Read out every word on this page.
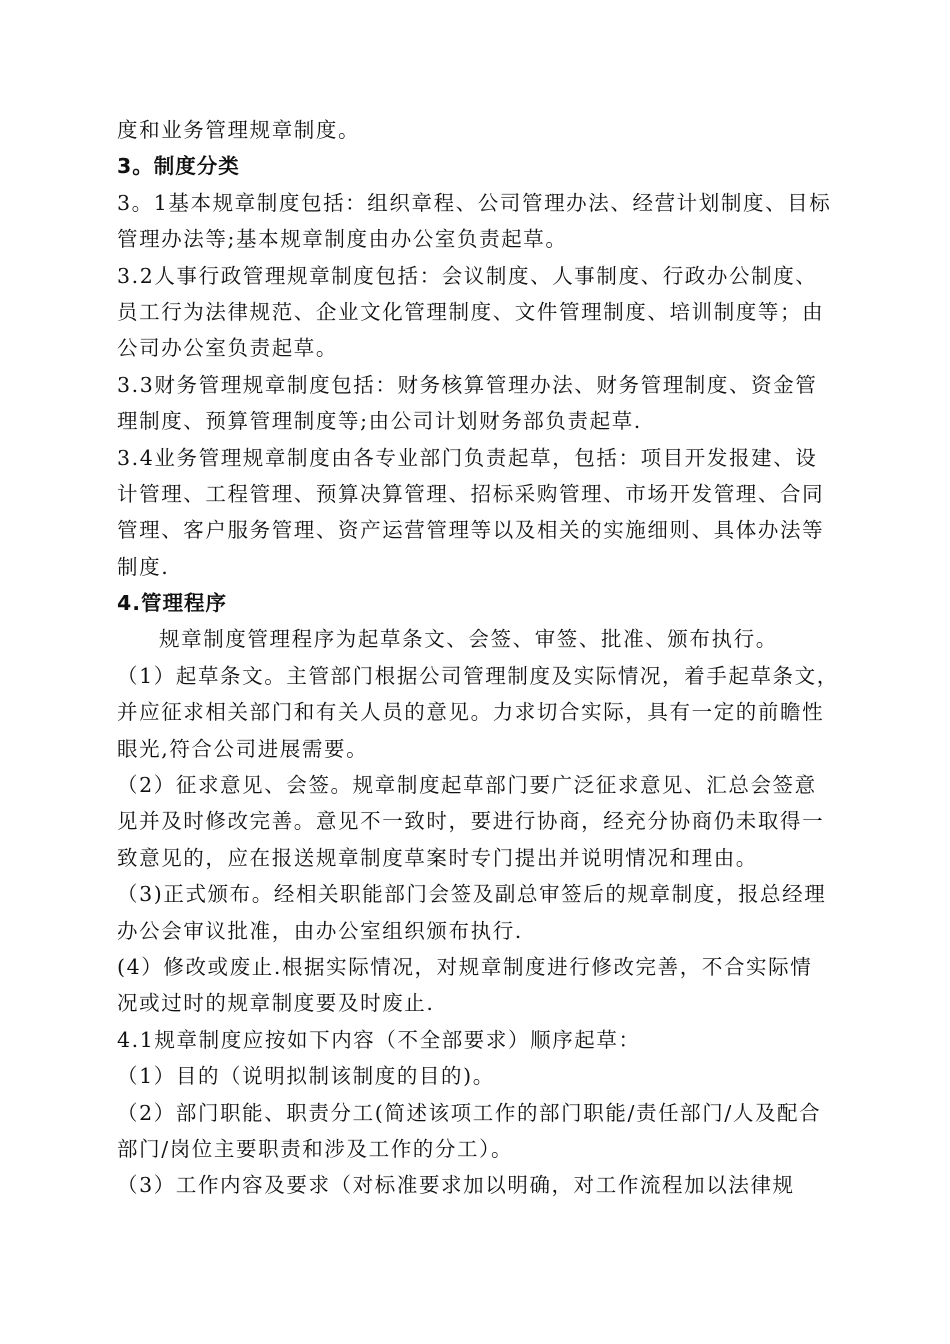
度和业务管理规章制度。
3。制度分类
3。1基本规章制度包括：组织章程、公司管理办法、经营计划制度、目标
管理办法等;基本规章制度由办公室负责起草。
3.2人事行政管理规章制度包括：会议制度、人事制度、行政办公制度、
员工行为法律规范、企业文化管理制度、文件管理制度、培训制度等；由
公司办公室负责起草。
3.3财务管理规章制度包括：财务核算管理办法、财务管理制度、资金管
理制度、预算管理制度等;由公司计划财务部负责起草.
3.4业务管理规章制度由各专业部门负责起草，包括：项目开发报建、设
计管理、工程管理、预算决算管理、招标采购管理、市场开发管理、合同
管理、客户服务管理、资产运营管理等以及相关的实施细则、具体办法等
制度.
4.管理程序
规章制度管理程序为起草条文、会签、审签、批准、颁布执行。
（1）起草条文。主管部门根据公司管理制度及实际情况，着手起草条文，
并应征求相关部门和有关人员的意见。力求切合实际，具有一定的前瞻性
眼光,符合公司进展需要。
（2）征求意见、会签。规章制度起草部门要广泛征求意见、汇总会签意
见并及时修改完善。意见不一致时，要进行协商，经充分协商仍未取得一
致意见的，应在报送规章制度草案时专门提出并说明情况和理由。
（3)正式颁布。经相关职能部门会签及副总审签后的规章制度，报总经理
办公会审议批准，由办公室组织颁布执行.
(4）修改或废止.根据实际情况，对规章制度进行修改完善，不合实际情
况或过时的规章制度要及时废止.
4.1规章制度应按如下内容（不全部要求）顺序起草：
（1）目的（说明拟制该制度的目的)。
（2）部门职能、职责分工(简述该项工作的部门职能/责任部门/人及配合
部门/岗位主要职责和涉及工作的分工）。
（3）工作内容及要求（对标准要求加以明确，对工作流程加以法律规
